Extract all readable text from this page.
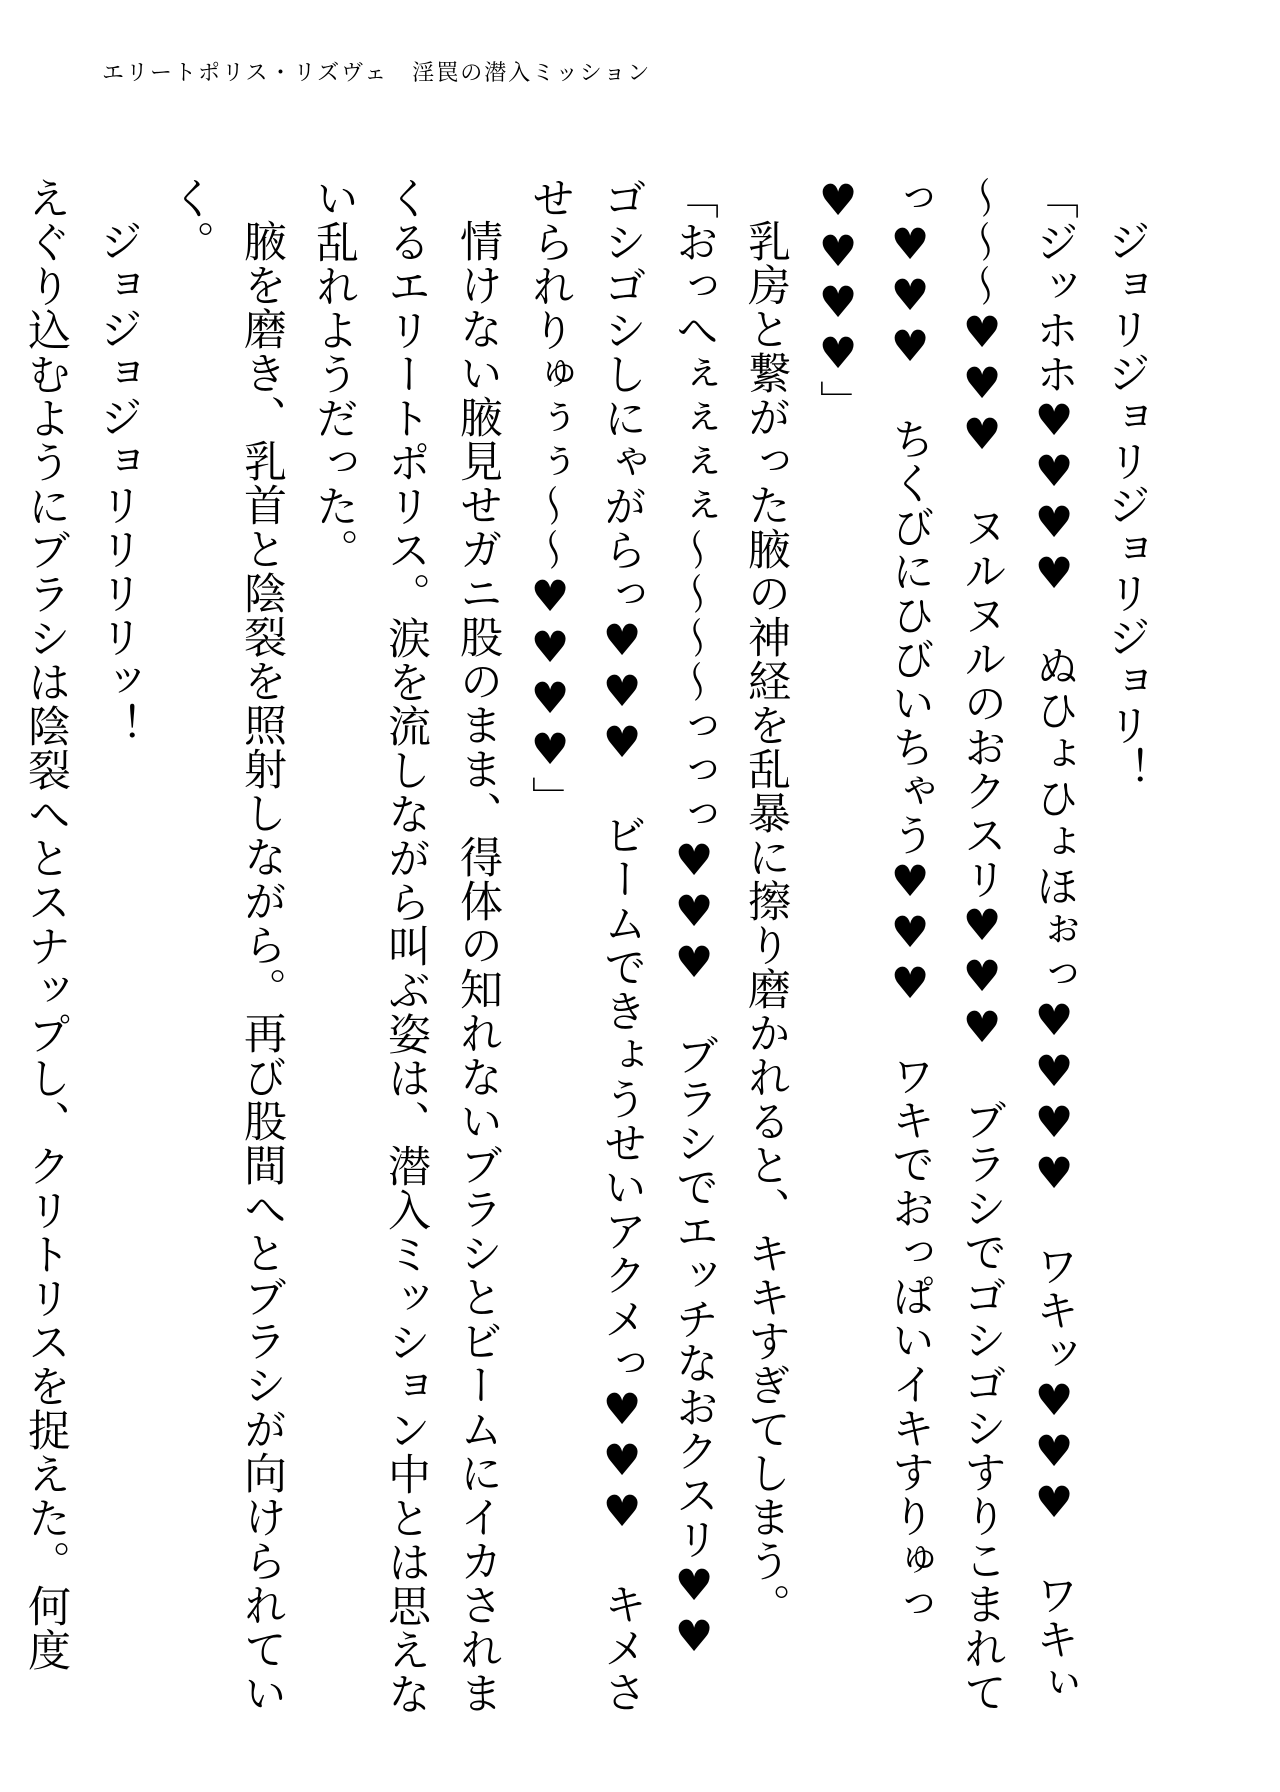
エリートポリス・リズヴェ　淫罠の潜入ミッション

ジョリジョリジョリジョリ！

「ジッホホ♥♥♥♥　ぬひょひょほぉっ♥♥♥♥　ワキッ♥♥♥　ワキぃ～～～♥♥♥　ヌルヌルのおクスリ♥♥♥　ブラシでゴシゴシすりこまれてっ♥♥♥　ちくびにひびいちゃう♥♥♥　ワキでおっぱいイキすりゅっ♥♥♥♥」

乳房と繋がった腋の神経を乱暴に擦り磨かれると、キキすぎてしまう。

「おっへぇぇぇぇ～～～～っっっ♥♥♥　ブラシでエッチなおクスリ♥♥　ゴシゴシしにゃがらっ♥♥♥　ビームできょうせいアクメっ♥♥♥　キメさせられりゅぅぅ～～♥♥♥♥」

情けない腋見せガニ股のまま、得体の知れないブラシとビームにイカされまくるエリートポリス。涙を流しながら叫ぶ姿は、潜入ミッション中とは思えない乱れようだった。

腋を磨き、乳首と陰裂を照射しながら。再び股間へとブラシが向けられていく。

ジョジョジョリリリリッ！

えぐり込むようにブラシは陰裂へとスナップし、クリトリスを捉えた。何度
